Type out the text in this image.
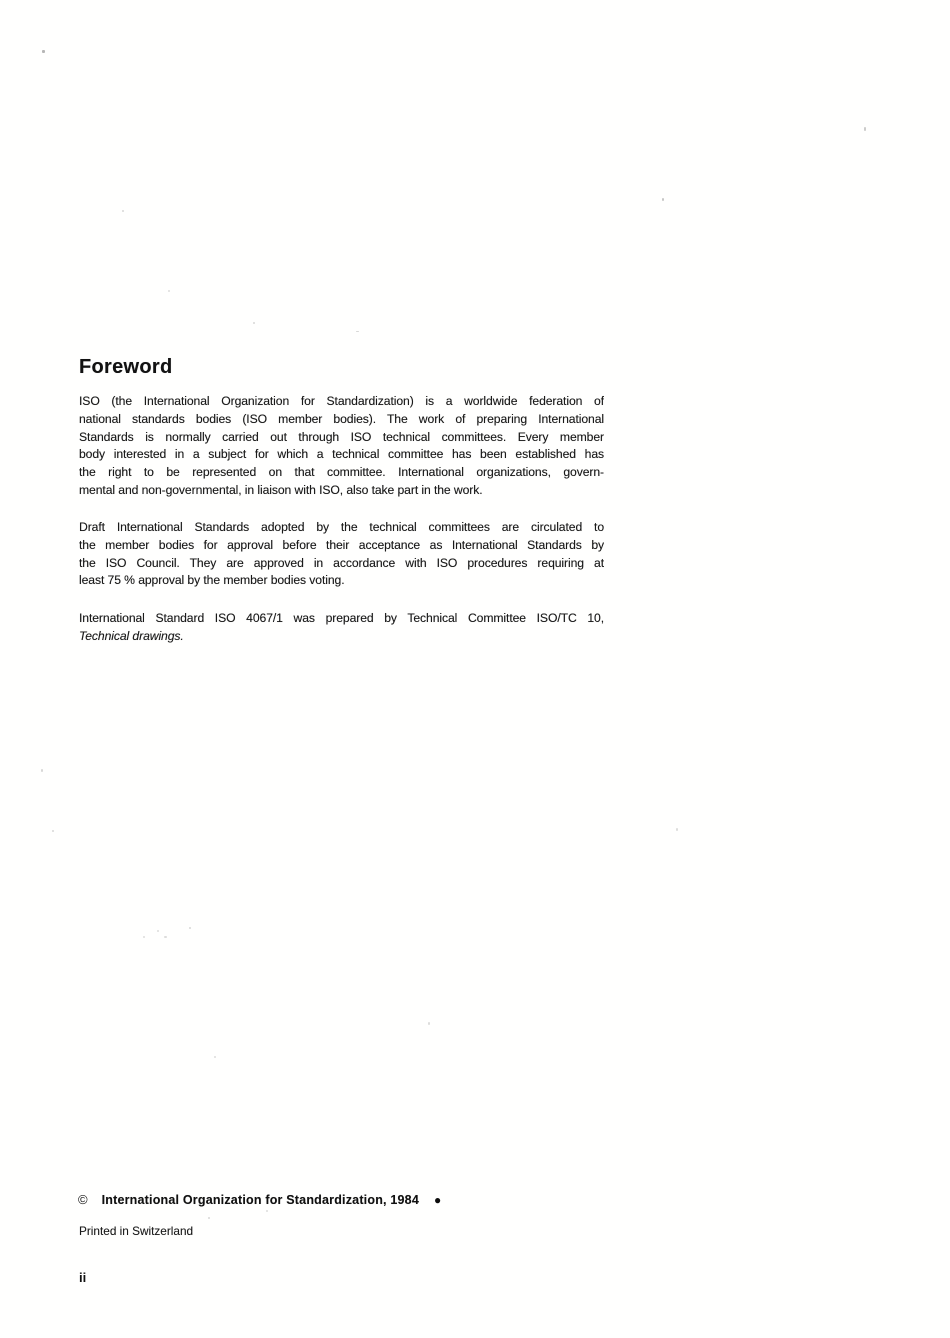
Foreword
ISO (the International Organization for Standardization) is a worldwide federation of
national standards bodies (ISO member bodies). The work of preparing International
Standards is normally carried out through ISO technical committees. Every member
body interested in a subject for which a technical committee has been established has
the right to be represented on that committee. International organizations, govern-
mental and non-governmental, in liaison with ISO, also take part in the work.
Draft International Standards adopted by the technical committees are circulated to
the member bodies for approval before their acceptance as International Standards by
the ISO Council. They are approved in accordance with ISO procedures requiring at
least 75 % approval by the member bodies voting.
International Standard ISO 4067/1 was prepared by Technical Committee ISO/TC 10,
Technical drawings.
© International Organization for Standardization, 1984 ●
Printed in Switzerland
ii
